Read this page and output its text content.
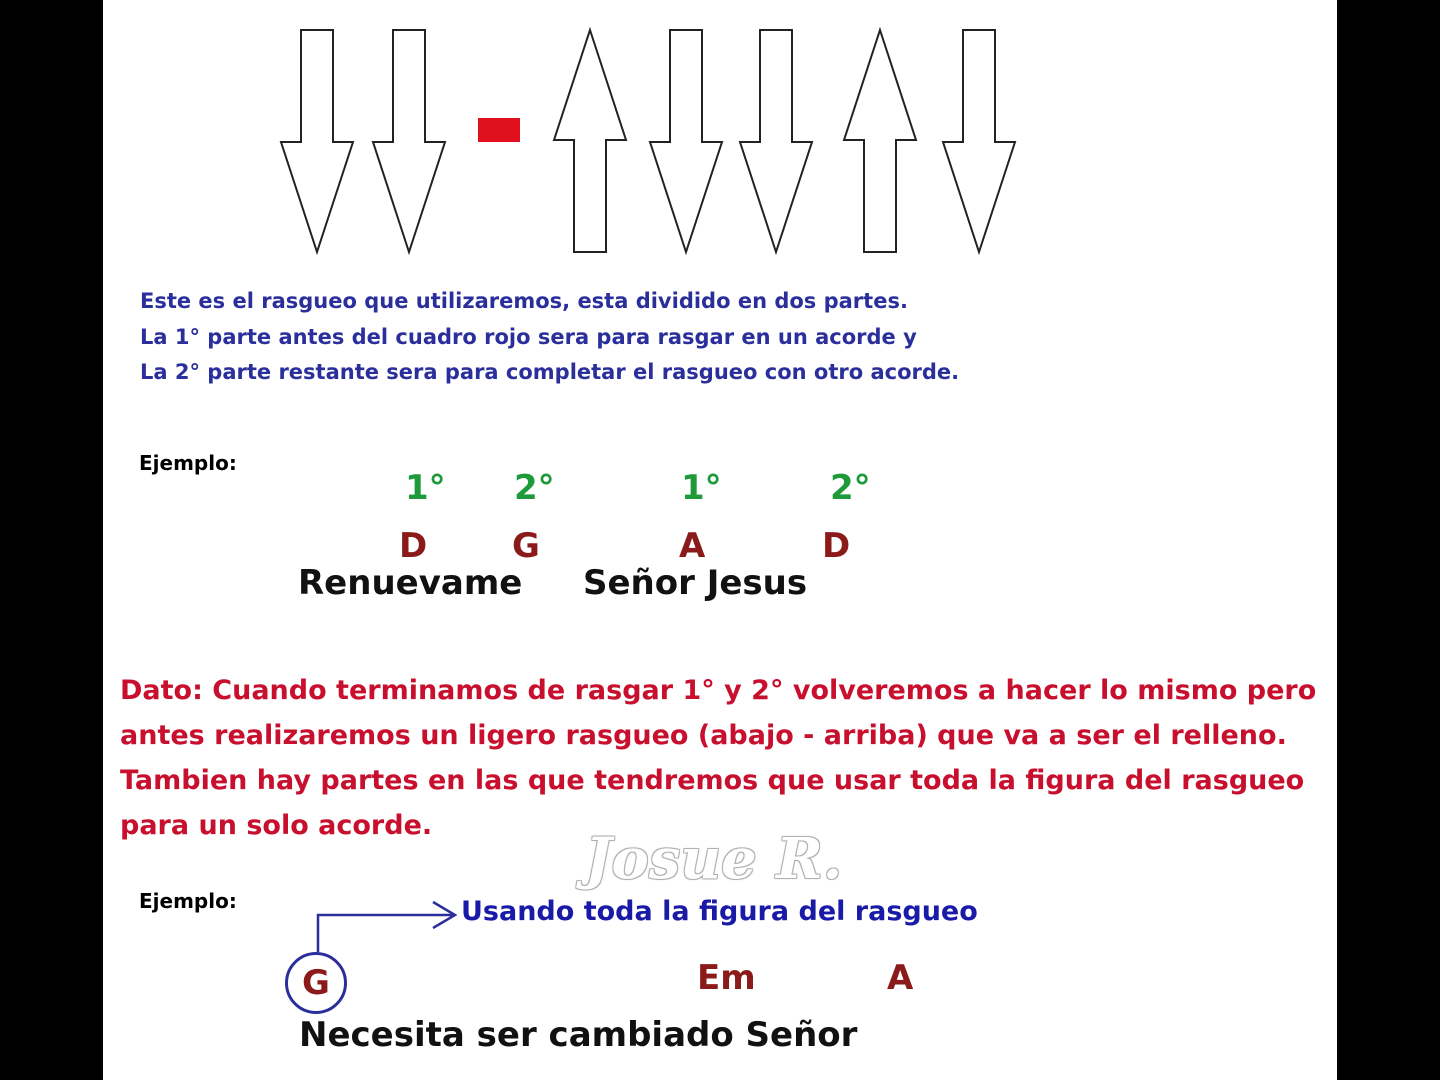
Este es el rasgueo que utilizaremos, esta dividido en dos partes.
La 1° parte antes del cuadro rojo sera para rasgar en un acorde y
La 2° parte restante sera para completar el rasgueo con otro acorde.
Ejemplo:
1° 2°	1°	2°
D G	A	D
Renuevame Señor Jesus
Dato: Cuando terminamos de rasgar 1° y 2° volveremos a hacer lo mismo pero antes realizaremos un ligero rasgueo (abajo - arriba) que va a ser el relleno. Tambien hay partes en las que tendremos que usar toda la figura del rasgueo para un solo acorde.
Josue R.
Ejemplo:	Usando toda la figura del rasgueo
G	Em	A
Necesita ser cambiado Señor
